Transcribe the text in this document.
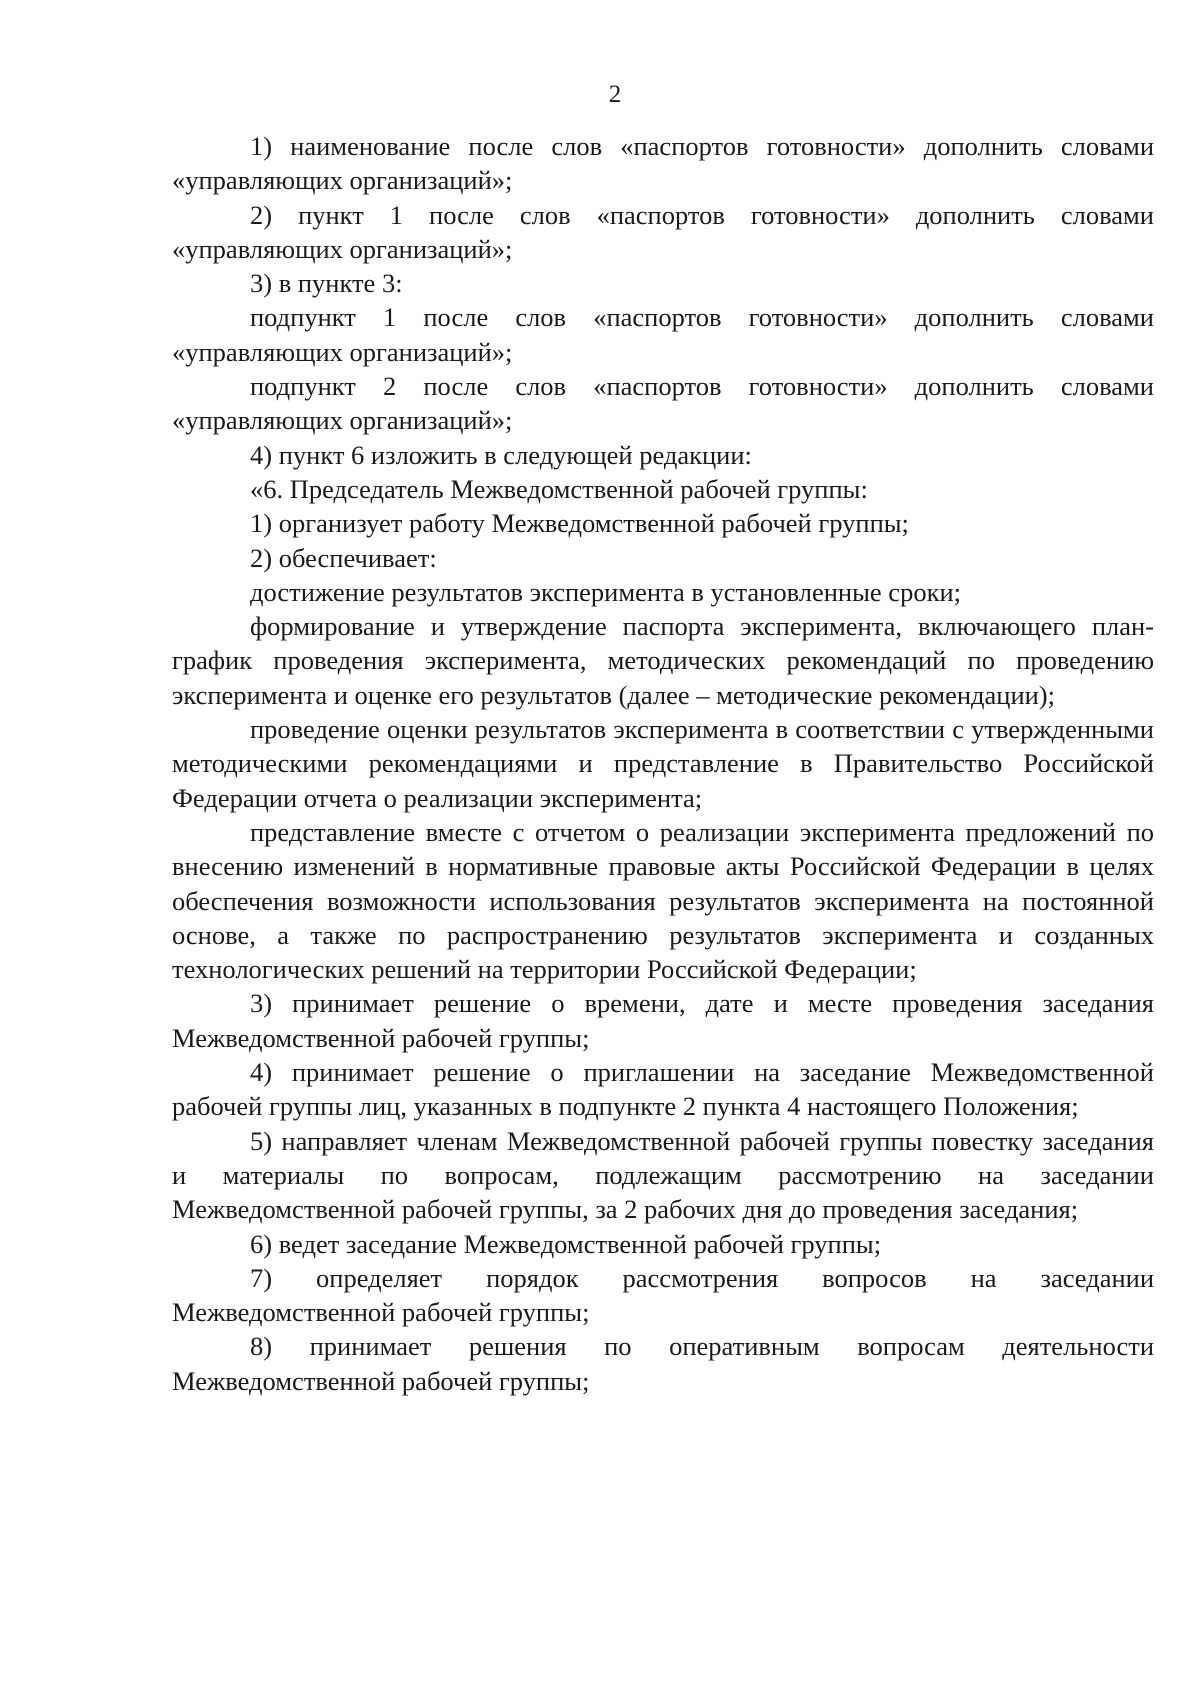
2

1) наименование после слов «паспортов готовности» дополнить словами «управляющих организаций»;

2) пункт 1 после слов «паспортов готовности» дополнить словами «управляющих организаций»;

3) в пункте 3:

подпункт 1 после слов «паспортов готовности» дополнить словами «управляющих организаций»;

подпункт 2 после слов «паспортов готовности» дополнить словами «управляющих организаций»;

4) пункт 6 изложить в следующей редакции:

«6. Председатель Межведомственной рабочей группы:

1) организует работу Межведомственной рабочей группы;

2) обеспечивает:

достижение результатов эксперимента в установленные сроки;

формирование и утверждение паспорта эксперимента, включающего план-график проведения эксперимента, методических рекомендаций по проведению эксперимента и оценке его результатов (далее – методические рекомендации);

проведение оценки результатов эксперимента в соответствии с утвержденными методическими рекомендациями и представление в Правительство Российской Федерации отчета о реализации эксперимента;

представление вместе с отчетом о реализации эксперимента предложений по внесению изменений в нормативные правовые акты Российской Федерации в целях обеспечения возможности использования результатов эксперимента на постоянной основе, а также по распространению результатов эксперимента и созданных технологических решений на территории Российской Федерации;

3) принимает решение о времени, дате и месте проведения заседания Межведомственной рабочей группы;

4) принимает решение о приглашении на заседание Межведомственной рабочей группы лиц, указанных в подпункте 2 пункта 4 настоящего Положения;

5) направляет членам Межведомственной рабочей группы повестку заседания и материалы по вопросам, подлежащим рассмотрению на заседании Межведомственной рабочей группы, за 2 рабочих дня до проведения заседания;

6) ведет заседание Межведомственной рабочей группы;

7) определяет порядок рассмотрения вопросов на заседании Межведомственной рабочей группы;

8) принимает решения по оперативным вопросам деятельности Межведомственной рабочей группы;
